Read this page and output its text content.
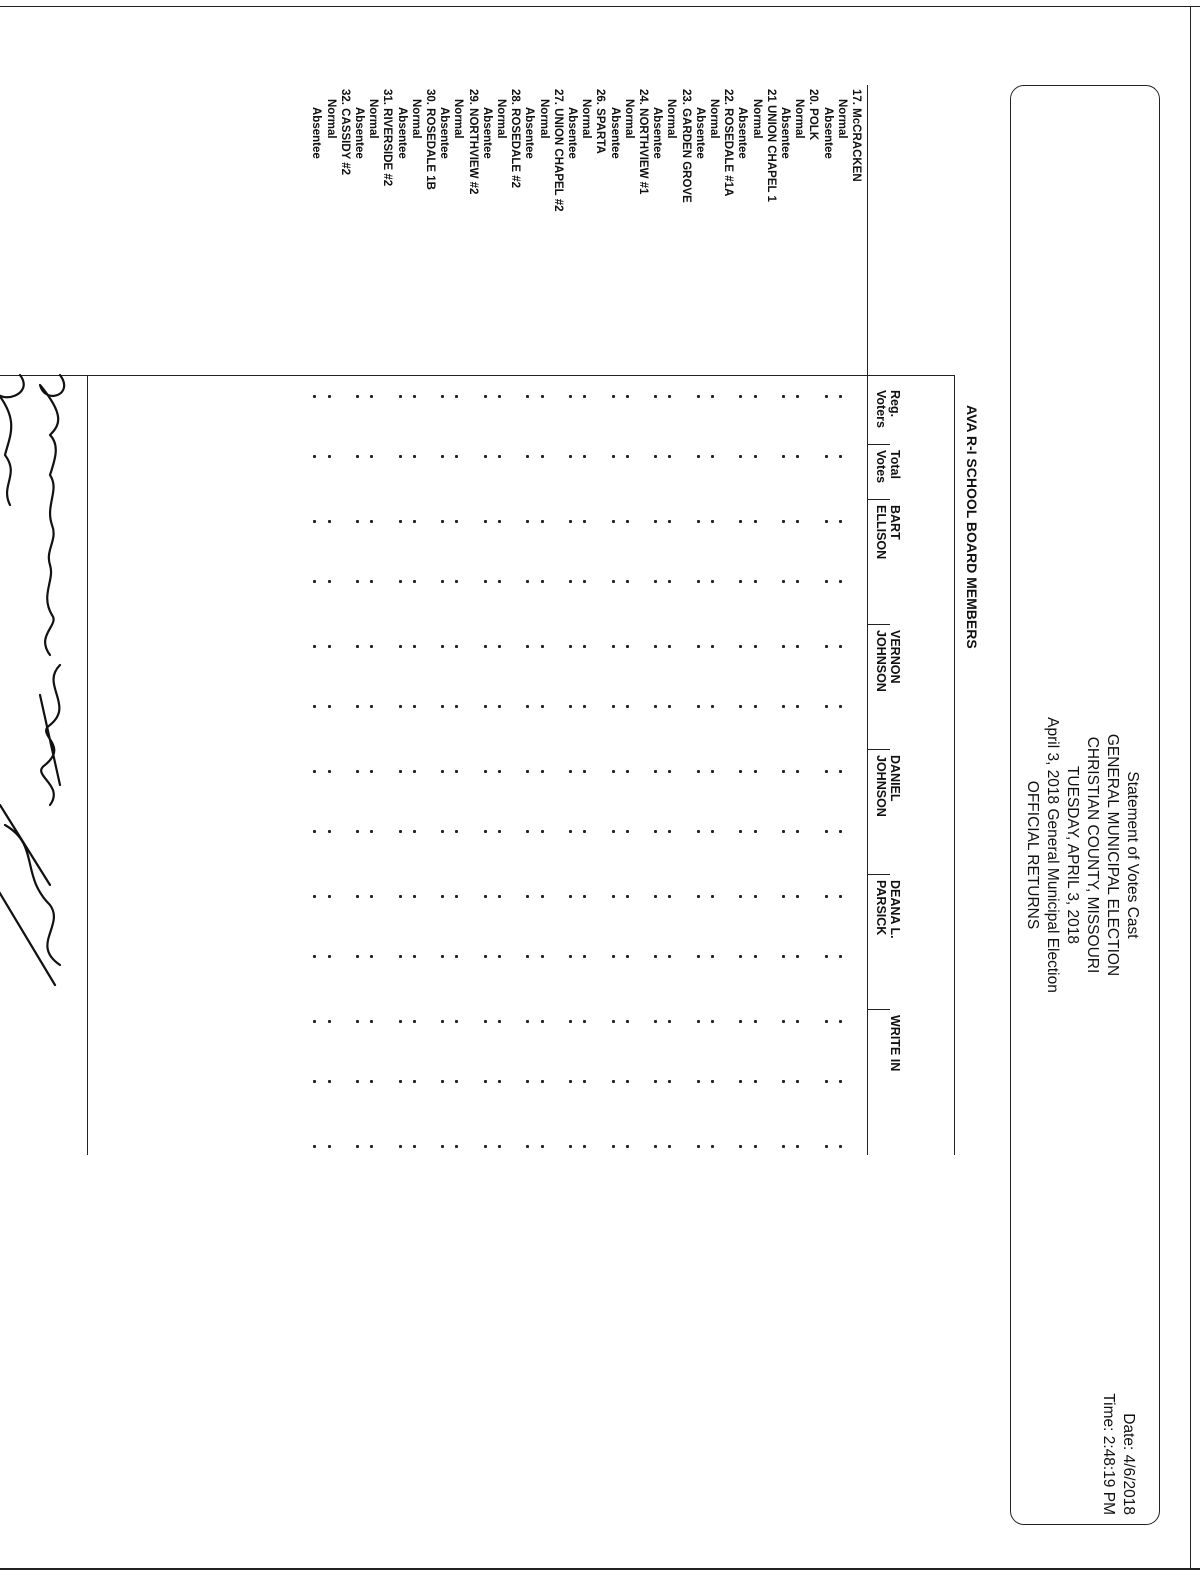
Statement of Votes Cast
GENERAL MUNICIPAL ELECTION
CHRISTIAN COUNTY, MISSOURI
TUESDAY, APRIL 3, 2018
April 3, 2018 General Municipal Election
OFFICIAL RETURNS
Date: 4/6/2018
Time: 2:48:19 PM
AVA R-I SCHOOL BOARD MEMBERS
Reg.
Voters
Total
Votes
BART
ELLISON
VERNON
JOHNSON
DANIEL
JOHNSON
DEANA L.
PARSICK
WRITE IN
17. McCRACKEN
Normal
Absentee
20. POLK
Normal
Absentee
21 UNION CHAPEL 1
Normal
Absentee
22. ROSEDALE #1A
Normal
Absentee
23. GARDEN GROVE
Normal
Absentee
24. NORTHVIEW #1
Normal
Absentee
26. SPARTA
Normal
Absentee
27. UNION CHAPEL #2
Normal
Absentee
28. ROSEDALE #2
Normal
Absentee
29. NORTHVIEW #2
Normal
Absentee
30. ROSEDALE 1B
Normal
Absentee
31. RIVERSIDE #2
Normal
Absentee
32. CASSIDY #2
Normal
Absentee
